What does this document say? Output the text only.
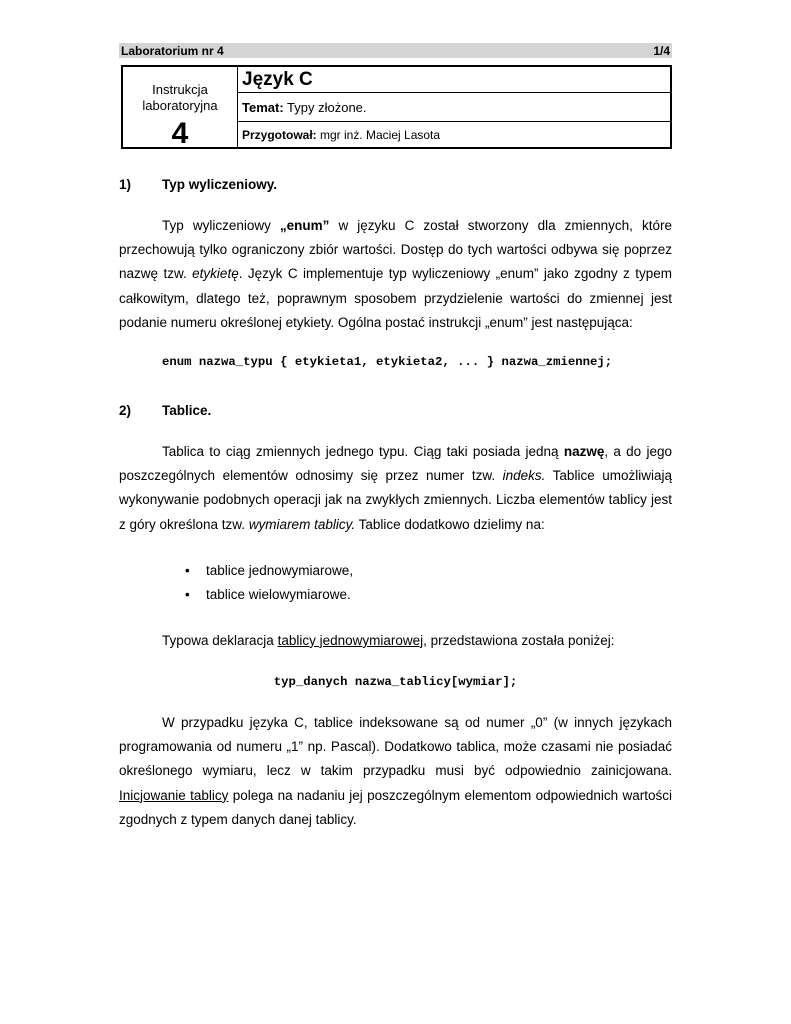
Laboratorium nr 4	1/4
Instrukcja
laboratoryjna
4
Język C
Temat: Typy złożone.
Przygotował: mgr inż. Maciej Lasota
1)	Typ wyliczeniowy.

Typ wyliczeniowy „enum” w języku C został stworzony dla zmiennych, które przechowują tylko ograniczony zbiór wartości. Dostęp do tych wartości odbywa się poprzez nazwę tzw. etykietę. Język C implementuje typ wyliczeniowy „enum” jako zgodny z typem całkowitym, dlatego też, poprawnym sposobem przydzielenie wartości do zmiennej jest podanie numeru określonej etykiety. Ogólna postać instrukcji „enum” jest następująca:

enum nazwa_typu { etykieta1, etykieta2, ... } nazwa_zmiennej;
2)	Tablice.

Tablica to ciąg zmiennych jednego typu. Ciąg taki posiada jedną nazwę, a do jego poszczególnych elementów odnosimy się przez numer tzw. indeks. Tablice umożliwiają wykonywanie podobnych operacji jak na zwykłych zmiennych. Liczba elementów tablicy jest z góry określona tzw. wymiarem tablicy. Tablice dodatkowo dzielimy na:

• tablice jednowymiarowe,
• tablice wielowymiarowe.

Typowa deklaracja tablicy jednowymiarowej, przedstawiona została poniżej:

typ_danych nazwa_tablicy[wymiar];

W przypadku języka C, tablice indeksowane są od numer „0” (w innych językach programowania od numeru „1” np. Pascal). Dodatkowo tablica, może czasami nie posiadać określonego wymiaru, lecz w takim przypadku musi być odpowiednio zainicjowana. Inicjowanie tablicy polega na nadaniu jej poszczególnym elementom odpowiednich wartości zgodnych z typem danych danej tablicy.
